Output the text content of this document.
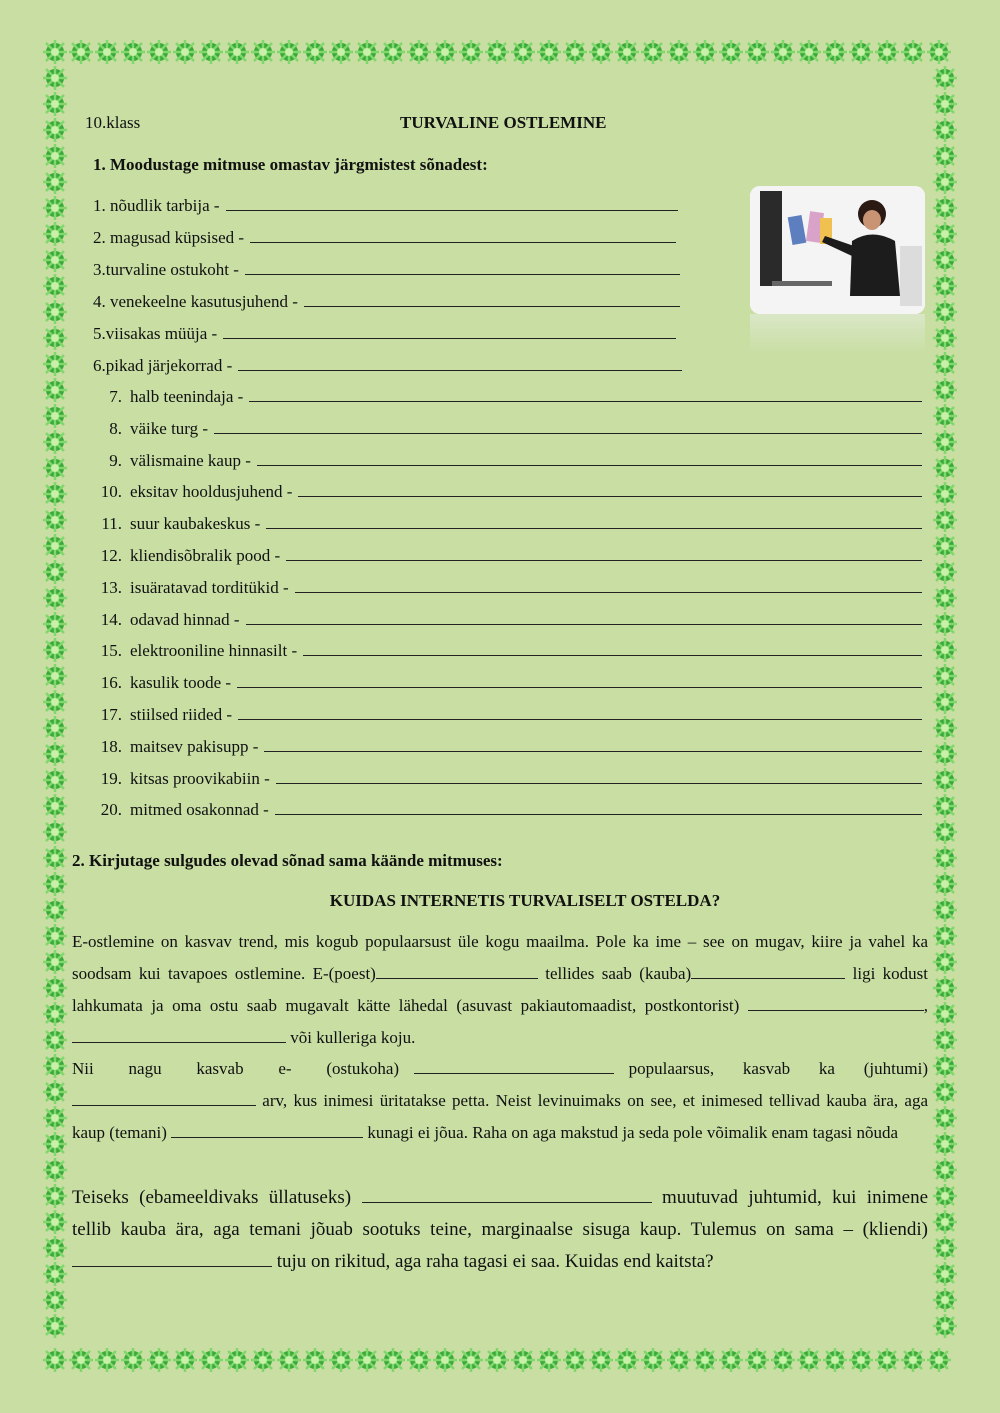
10.klass	TURVALINE OSTLEMINE
1. Moodustage mitmuse omastav järgmistest sõnadest:
1. nõudlik tarbija -
2. magusad küpsised -
3.turvaline ostukoht -
4. venekeelne kasutusjuhend -
5.viisakas müüja -
6.pikad järjekorrad -
7. halb teenindaja -
8. väike turg -
9. välismaine kaup -
10. eksitav hooldusjuhend -
11. suur kaubakeskus -
12. kliendisõbralik pood -
13. isuäratavad torditükid -
14. odavad hinnad -
15. elektrooniline hinnasilt -
16. kasulik toode -
17. stiilsed riided -
18. maitsev pakisupp -
19. kitsas proovikabiin -
20. mitmed osakonnad -
2. Kirjutage sulgudes olevad sõnad sama käände mitmuses:
KUIDAS INTERNETIS TURVALISELT OSTELDA?
E-ostlemine on kasvav trend, mis kogub populaarsust üle kogu maailma. Pole ka ime – see on mugav, kiire ja vahel ka soodsam kui tavapoes ostlemine. E-(poest)	tellides saab (kauba)	ligi kodust lahkumata ja oma ostu saab mugavalt kätte lähedal (asuvast pakiautomaadist, postkontorist)	,  või kulleriga koju.
Nii nagu kasvab e- (ostukoha)	populaarsus, kasvab ka (juhtumi)  arv, kus inimesi üritatakse petta. Neist levinuimaks on see, et inimesed tellivad kauba ära, aga kaup (temani)	kunagi ei jõua. Raha on aga makstud ja seda pole võimalik enam tagasi nõuda
Teiseks (ebameeldivaks üllatuseks)	muutuvad juhtumid, kui inimene tellib kauba ära, aga temani jõuab sootuks teine, marginaalse sisuga kaup. Tulemus on sama – (kliendi)  tuju on rikitud, aga raha tagasi ei saa. Kuidas end kaitsta?
